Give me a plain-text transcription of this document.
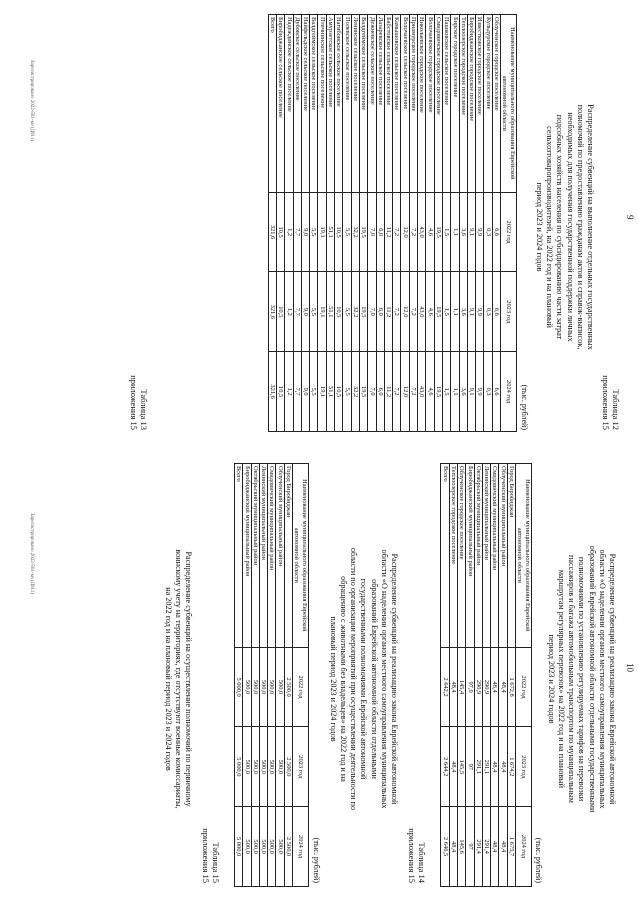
9
Таблица 12
приложения 15
Распределение субвенций на выполнение отдельных государственных
полномочий по предоставлению гражданам актов и справок-выписок,
необходимых для получения государственной поддержки личных
подсобных хозяйств населения по субсидированию части затрат
сельхозтоваропроизводителей, на 2022 год и на плановый
период 2023 и 2024 годов
(тыс. рублей)
Наименование муниципального образования Еврейской автономной области	2022 год	2023 год	2024 год
Облученское городское поселение	6,6	6,6	6,6
Кульдурское городское поселение	0,3	0,3	0,3
Известковское городское поселение	9,9	9,9	9,9
Биробиджанское городское поселение	9,1	9,1	9,1
Теплоозерское городское поселение	3,6	3,6	3,6
Бирское городское поселение	1,1	1,1	1,1
Пашковское сельское поселение	1,5	1,5	1,5
Смидовичское городское поселение	19,5	19,5	19,5
Волочаевское городское поселение	4,6	4,6	4,6
Николаевское городское поселение	43,0	43,0	43,0
Приамурское городское поселение	7,2	7,2	7,2
Волочаевское сельское поселение	12,0	12,0	12,0
Камышовское сельское поселение	7,2	7,2	7,2
Бабстовское сельское поселение	11,2	11,2	11,2
Лазаревское сельское поселение	6,0	6,0	6,0
Дежневское сельское поселение	7,0	7,0	7,0
Валдгеймское сельское поселение	19,5	19,5	19,5
Ленинское сельское поселение	32,2	32,2	32,2
Полевское сельское поселение	5,5	5,5	5,5
Нагибовское сельское поселение	10,5	10,5	10,5
Амурзетское сельское поселение	51,1	51,1	51,1
Птичнинское сельское поселение	19,1	19,1	19,1
Валдгеймское сельское поселение	5,5	5,5	5,5
Найфельдское сельское поселение	9,0	9,0	9,0
Дубовское сельское поселение	7,7	7,7	7,7
Надеждинское сельское поселение	1,2	1,2	1,2
Биробиджанское сельское поселение	10,5	10,5	10,5
Всего	321,6	321,6	321,6
Таблица 13
приложения 15
Зарегистрировано 2022-561-кн (Д911)
10
Распределение субвенций на реализацию закона Еврейской автономной
области «О наделении органов местного самоуправления муниципальных
образований Еврейской автономной области отдельными государственными
полномочиями по установлению регулируемых тарифов на перевозки
пассажиров и багажа автомобильным транспортом по муниципальным
маршрутам регулярных перевозок» на 2022 год и на плановый
период 2023 и 2024 годов
(тыс. рублей)
Наименование муниципального образования Еврейской автономной области	2022 год	2023 год	2024 год
Город Биробиджан	1 672,8	1 674,2	1 675,7
Облученский муниципальный район	48,4	48,4	48,4
Смидовичский муниципальный район	48,4	48,4	48,4
Ленинский муниципальный район	290,9	291,1	291,4
Октябрьский муниципальный район	290,9	291,1	291,4
Биробиджанский муниципальный район	97,0	97	97
Облученское городское поселение	145,4	145,5	145,6
Теплоозерское городское поселение	48,4	48,4	48,4
Всего	2 642,2	2 644,2	2 646,5
Таблица 14
приложения 15
Распределение субвенций на реализацию закона Еврейской автономной
области «О наделении органов местного самоуправления муниципальных
образований Еврейской автономной области отдельными
государственными полномочиями Еврейской автономной
области по организации мероприятий при осуществлении деятельности по
обращению с животными без владельцев» на 2022 год и на
плановый период 2023 и 2024 годов
(тыс. рублей)
Наименование муниципального образования Еврейской автономной области	2022 год	2023 год	2024 год
Город Биробиджан	2 500,0	2 500,0	2 500,0
Облученский муниципальный район	500,0	500,0	500,0
Смидовичский муниципальный район	500,0	500,0	500,0
Ленинский муниципальный район	500,0	500,0	500,0
Октябрьский муниципальный район	500,0	500,0	500,0
Биробиджанский муниципальный район	500,0	500,0	500,0
Всего	5 000,0	5 000,0	5 000,0
Таблица 15
приложения 15
Распределение субвенций на осуществление полномочий по первичному
воинскому учету на территориях, где отсутствуют военные комиссариаты,
на 2022 год и на плановый период 2023 и 2024 годов
Зарегистрировано 2022-561-кн (Д911)
